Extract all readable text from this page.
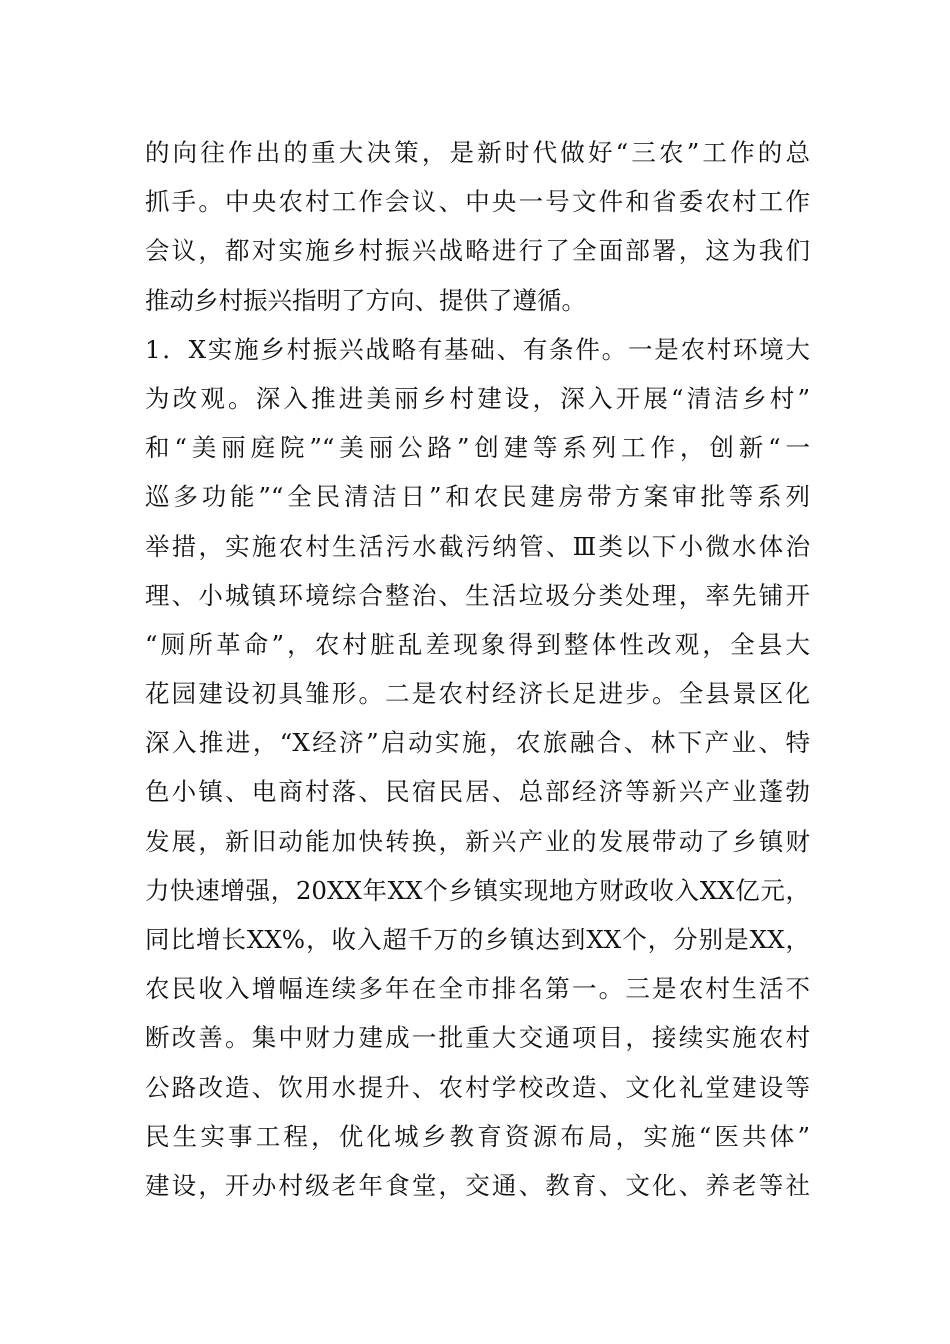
的向往作出的重大决策，是新时代做好“三农”工作的总
抓手。中央农村工作会议、中央一号文件和省委农村工作
会议，都对实施乡村振兴战略进行了全面部署，这为我们
推动乡村振兴指明了方向、提供了遵循。
1．X实施乡村振兴战略有基础、有条件。一是农村环境大
为改观。深入推进美丽乡村建设，深入开展“清洁乡村”
和“美丽庭院”“美丽公路”创建等系列工作，创新“一
巡多功能”“全民清洁日”和农民建房带方案审批等系列
举措，实施农村生活污水截污纳管、Ⅲ类以下小微水体治
理、小城镇环境综合整治、生活垃圾分类处理，率先铺开
“厕所革命”，农村脏乱差现象得到整体性改观，全县大
花园建设初具雏形。二是农村经济长足进步。全县景区化
深入推进，“X经济”启动实施，农旅融合、林下产业、特
色小镇、电商村落、民宿民居、总部经济等新兴产业蓬勃
发展，新旧动能加快转换，新兴产业的发展带动了乡镇财
力快速增强，20XX年XX个乡镇实现地方财政收入XX亿元，
同比增长XX%，收入超千万的乡镇达到XX个，分别是XX，
农民收入增幅连续多年在全市排名第一。三是农村生活不
断改善。集中财力建成一批重大交通项目，接续实施农村
公路改造、饮用水提升、农村学校改造、文化礼堂建设等
民生实事工程，优化城乡教育资源布局，实施“医共体”
建设，开办村级老年食堂，交通、教育、文化、养老等社
